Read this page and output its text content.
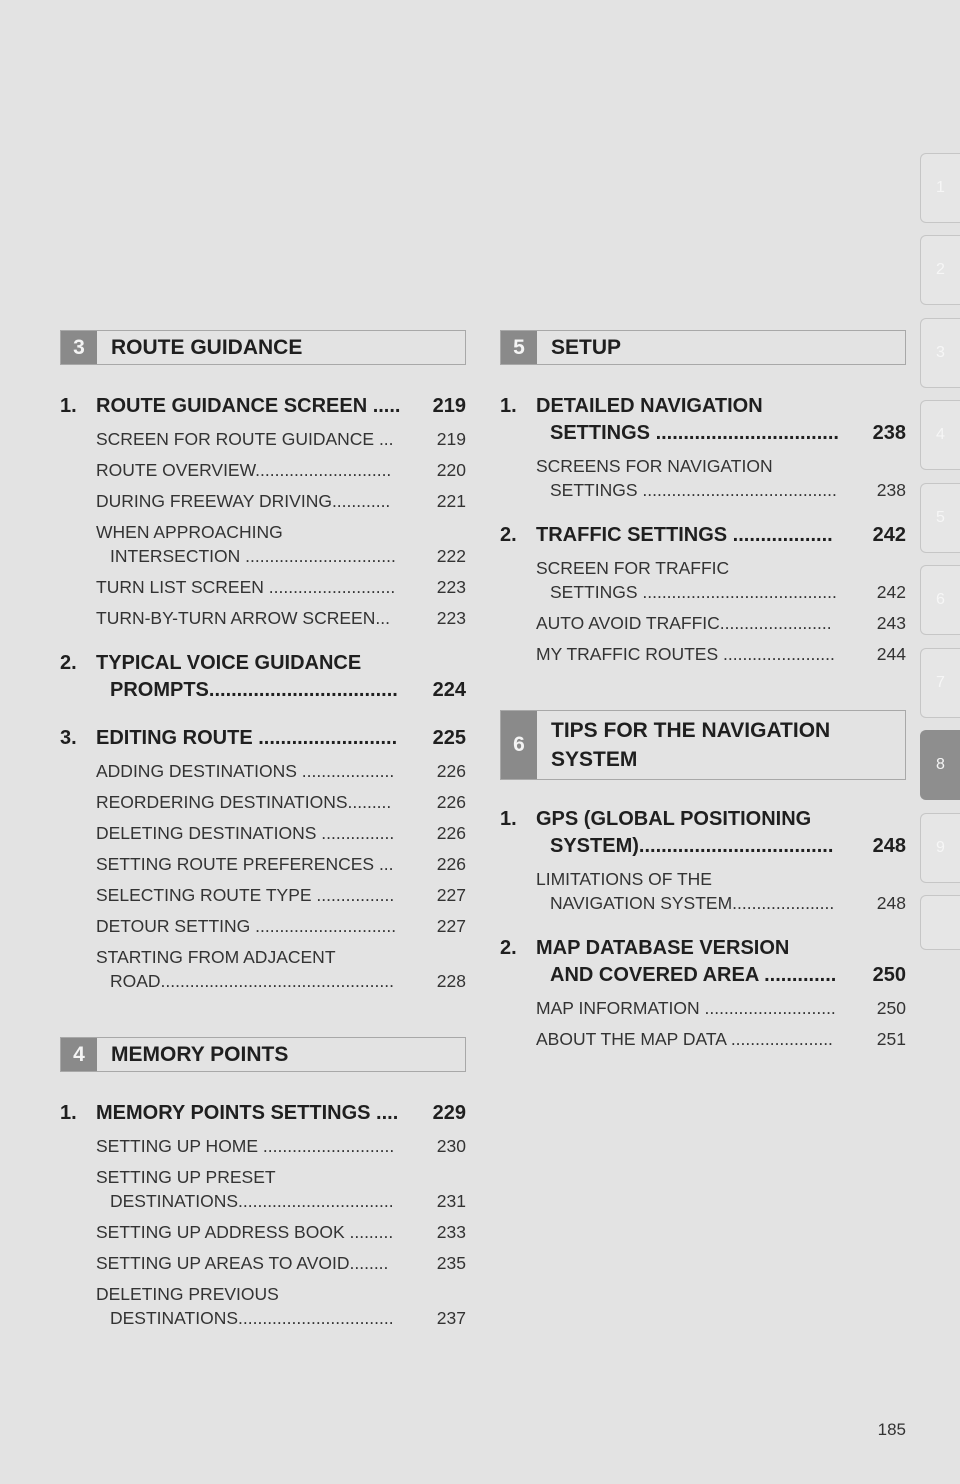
1
2
3
4
5
6
7
8
9
3	ROUTE GUIDANCE
1. ROUTE GUIDANCE SCREEN ..... 219
SCREEN FOR ROUTE GUIDANCE ... 219
ROUTE OVERVIEW............................	220
DURING FREEWAY DRIVING............	221
WHEN APPROACHING
INTERSECTION ...............................	222
TURN LIST SCREEN .......................... 223
TURN-BY-TURN ARROW SCREEN...	223
2. TYPICAL VOICE GUIDANCE
PROMPTS..................................	224
3. EDITING ROUTE ......................... 225
ADDING DESTINATIONS ................... 226
REORDERING DESTINATIONS.........	226
DELETING DESTINATIONS ............... 226
SETTING ROUTE PREFERENCES ... 226
SELECTING ROUTE TYPE ................ 227
DETOUR SETTING ............................. 227
STARTING FROM ADJACENT
ROAD................................................	228
4	MEMORY POINTS
1. MEMORY POINTS SETTINGS .... 229
SETTING UP HOME ........................... 230
SETTING UP PRESET
DESTINATIONS................................	231
SETTING UP ADDRESS BOOK ......... 233
SETTING UP AREAS TO AVOID........	235
DELETING PREVIOUS
DESTINATIONS................................	237
5	SETUP
1. DETAILED NAVIGATION
SETTINGS .................................	238
SCREENS FOR NAVIGATION
SETTINGS ........................................	238
2. TRAFFIC SETTINGS .................. 242
SCREEN FOR TRAFFIC
SETTINGS ........................................	242
AUTO AVOID TRAFFIC.......................	243
MY TRAFFIC ROUTES ....................... 244
6
TIPS FOR THE NAVIGATION
SYSTEM
1. GPS (GLOBAL POSITIONING
SYSTEM)...................................	248
LIMITATIONS OF THE
NAVIGATION SYSTEM.....................	248
2. MAP DATABASE VERSION
AND COVERED AREA .............	250
MAP INFORMATION ........................... 250
ABOUT THE MAP DATA .....................	251
185
